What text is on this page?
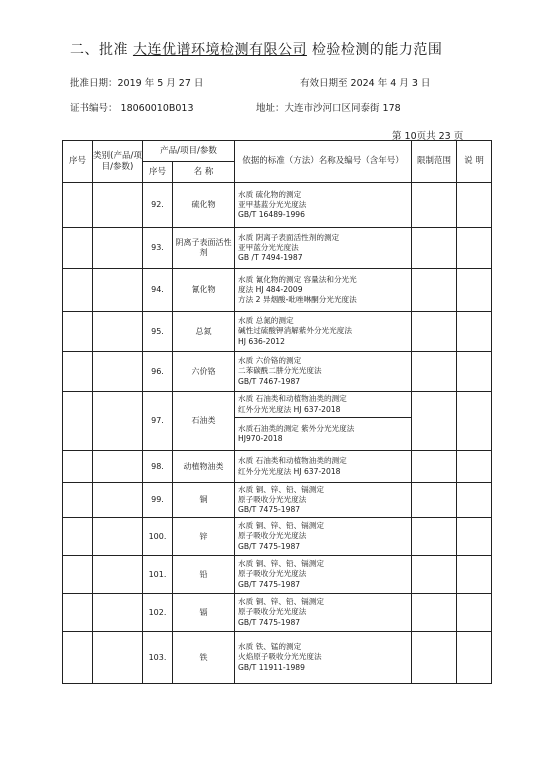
二、批准 大连优谱环境检测有限公司 检验检测的能力范围
批准日期：2019 年 5 月 27 日	有效日期至 2024 年 4 月 3 日
证书编号： 18060010B013	地址：大连市沙河口区同泰街 178
第 10页共 23 页
序号	类别(产品/项目/参数)	产品/项目/参数		依据的标准（方法）名称及编号（含年号）	限制范围	说 明
		序号	名 称			
		92.	硫化物	水质 硫化物的测定
亚甲基蓝分光光度法
GB/T 16489-1996		

		93.	阴离子表面活性剂	水质 阴离子表面活性剂的测定
亚甲蓝分光光度法
GB /T 7494-1987		

		94.	氰化物	水质 氰化物的测定 容量法和分光光
度法 HJ 484-2009
方法 2 异烟酸-吡唑啉酮分光光度法		

		95.	总氮	水质 总氮的测定
碱性过硫酸钾消解紫外分光光度法
HJ 636-2012		

		96.	六价铬	水质 六价铬的测定
二苯碳酰二肼分光光度法
GB/T 7467-1987		

		97.	石油类	水质 石油类和动植物油类的测定
红外分光光度法 HJ 637-2018		

				水质石油类的测定 紫外分光光度法
HJ970-2018		

		98.	动植物油类	水质 石油类和动植物油类的测定
红外分光光度法 HJ 637-2018		

		99.	铜	水质 铜、锌、铅、镉测定
原子吸收分光光度法
GB/T 7475-1987		

		100.	锌	水质 铜、锌、铅、镉测定
原子吸收分光光度法
GB/T 7475-1987		

		101.	铅	水质 铜、锌、铅、镉测定
原子吸收分光光度法
GB/T 7475-1987		

		102.	镉	水质 铜、锌、铅、镉测定
原子吸收分光光度法
GB/T 7475-1987		

		103.	铁	水质 铁、锰的测定
火焰原子吸收分光光度法
GB/T 11911-1989		
